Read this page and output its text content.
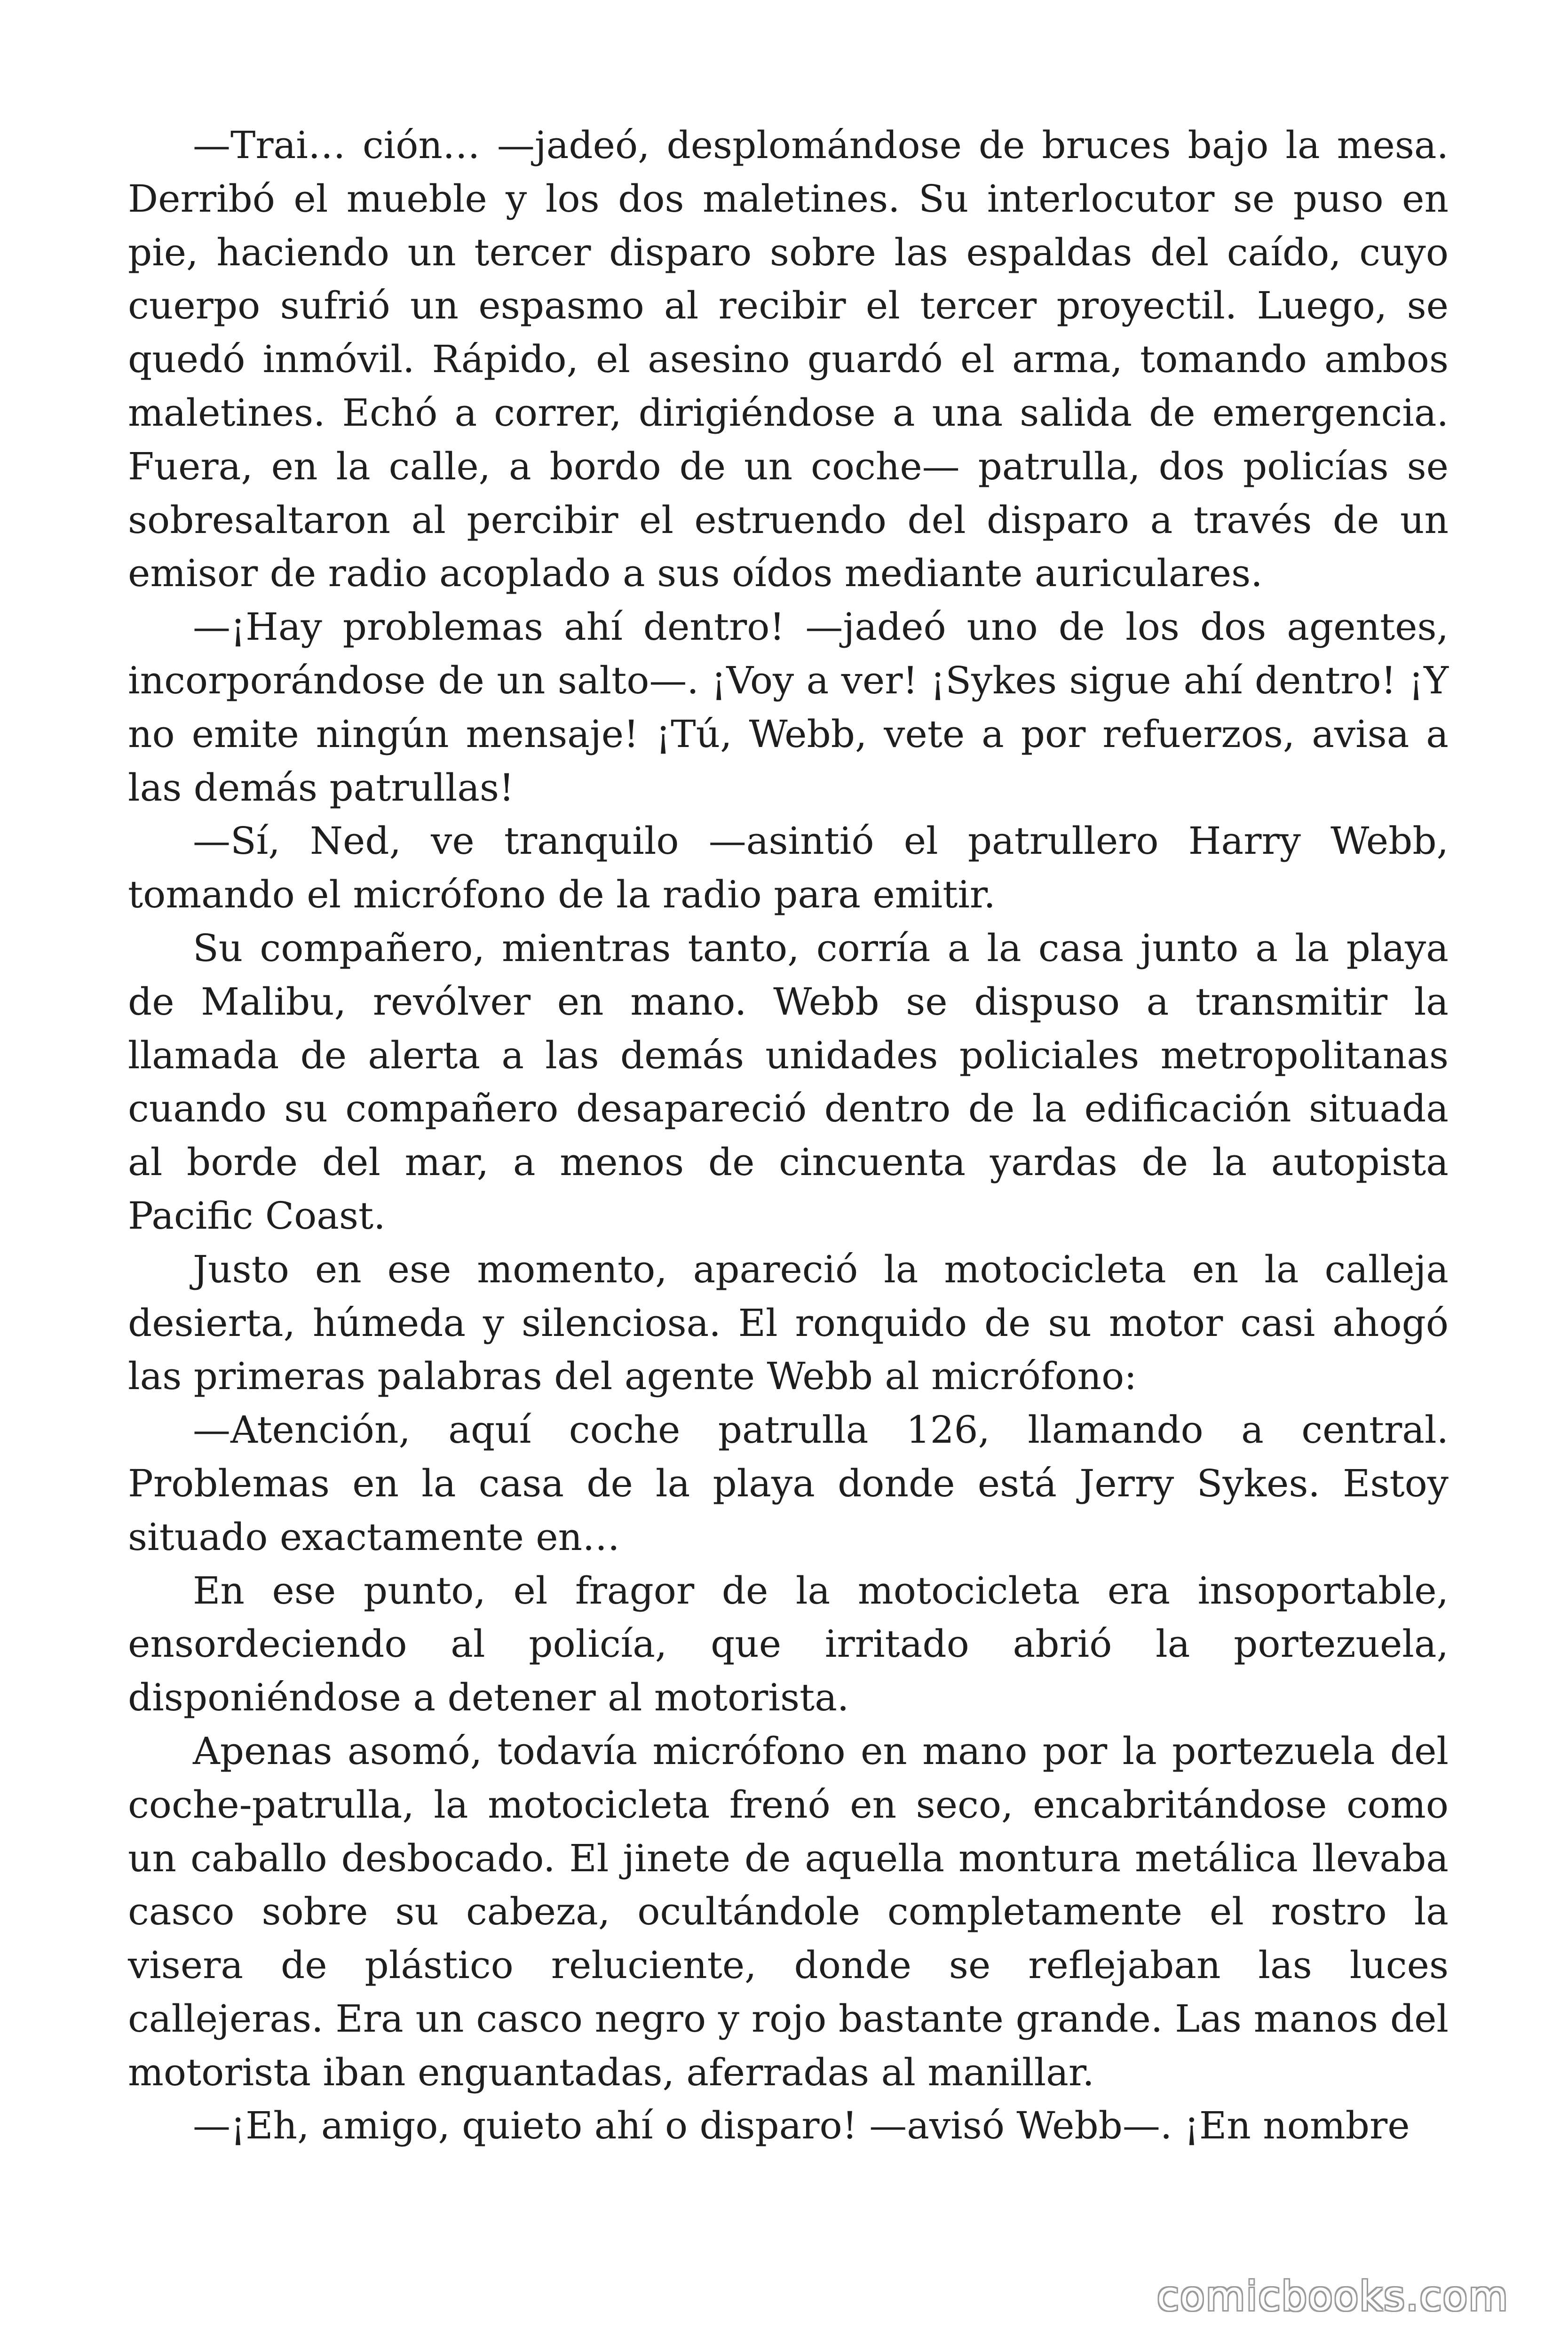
—Trai… ción… —jadeó, desplomándose de bruces bajo la mesa. Derribó el mueble y los dos maletines. Su interlocutor se puso en pie, haciendo un tercer disparo sobre las espaldas del caído, cuyo cuerpo sufrió un espasmo al recibir el tercer proyectil. Luego, se quedó inmóvil. Rápido, el asesino guardó el arma, tomando ambos maletines. Echó a correr, dirigiéndose a una salida de emergencia. Fuera, en la calle, a bordo de un coche— patrulla, dos policías se sobresaltaron al percibir el estruendo del disparo a través de un emisor de radio acoplado a sus oídos mediante auriculares.

—¡Hay problemas ahí dentro! —jadeó uno de los dos agentes, incorporándose de un salto—. ¡Voy a ver! ¡Sykes sigue ahí dentro! ¡Y no emite ningún mensaje! ¡Tú, Webb, vete a por refuerzos, avisa a las demás patrullas!

—Sí, Ned, ve tranquilo —asintió el patrullero Harry Webb, tomando el micrófono de la radio para emitir.

Su compañero, mientras tanto, corría a la casa junto a la playa de Malibu, revólver en mano. Webb se dispuso a transmitir la llamada de alerta a las demás unidades policiales metropolitanas cuando su compañero desapareció dentro de la edificación situada al borde del mar, a menos de cincuenta yardas de la autopista Pacific Coast.

Justo en ese momento, apareció la motocicleta en la calleja desierta, húmeda y silenciosa. El ronquido de su motor casi ahogó las primeras palabras del agente Webb al micrófono:

—Atención, aquí coche patrulla 126, llamando a central. Problemas en la casa de la playa donde está Jerry Sykes. Estoy situado exactamente en…

En ese punto, el fragor de la motocicleta era insoportable, ensordeciendo al policía, que irritado abrió la portezuela, disponiéndose a detener al motorista.

Apenas asomó, todavía micrófono en mano por la portezuela del coche-patrulla, la motocicleta frenó en seco, encabritándose como un caballo desbocado. El jinete de aquella montura metálica llevaba casco sobre su cabeza, ocultándole completamente el rostro la visera de plástico reluciente, donde se reflejaban las luces callejeras. Era un casco negro y rojo bastante grande. Las manos del motorista iban enguantadas, aferradas al manillar.

—¡Eh, amigo, quieto ahí o disparo! —avisó Webb—. ¡En nombre

comicbooks.com
